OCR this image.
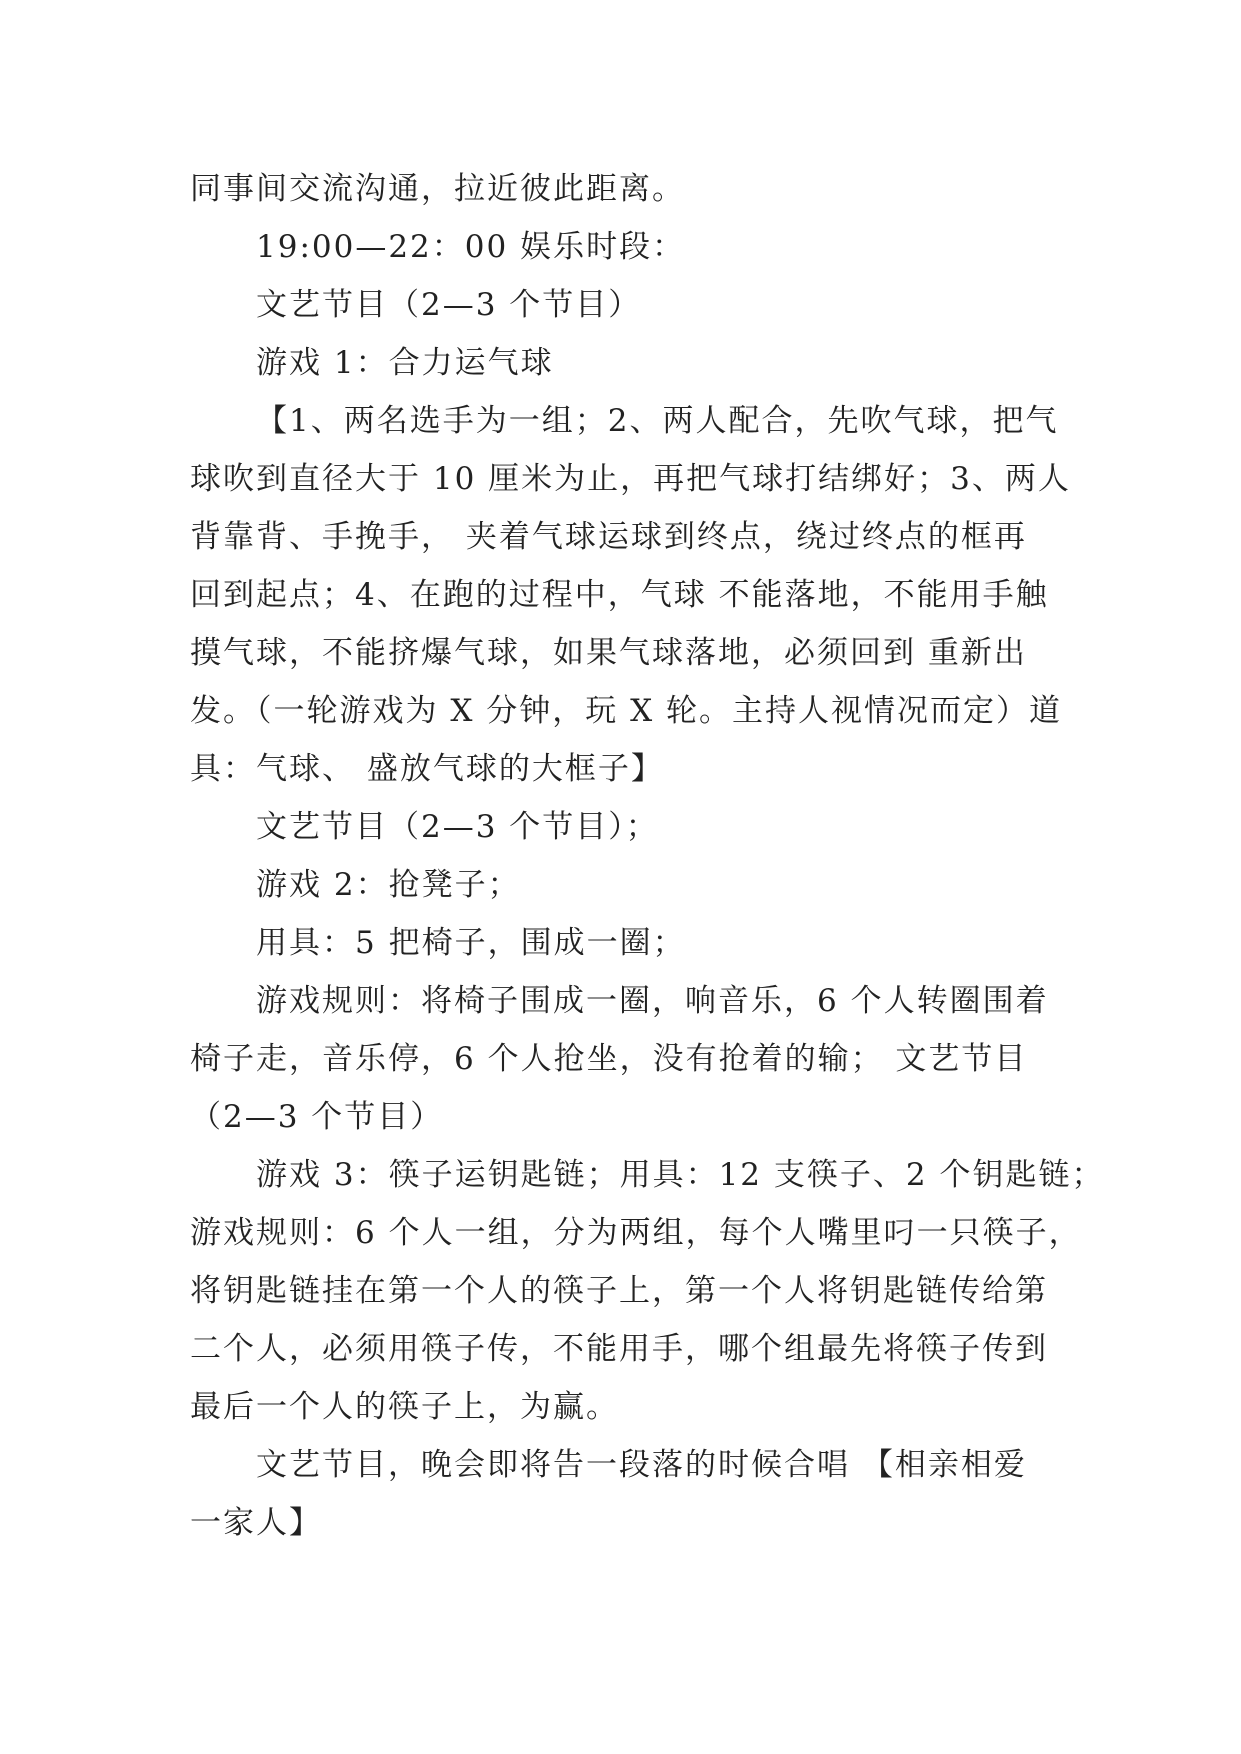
同事间交流沟通，拉近彼此距离。

19:00—22：00 娱乐时段：

文艺节目（2—3 个节目）

游戏 1：合力运气球

【1、两名选手为一组；2、两人配合，先吹气球，把气

球吹到直径大于 10 厘米为止，再把气球打结绑好；3、两人

背靠背、手挽手， 夹着气球运球到终点，绕过终点的框再

回到起点；4、在跑的过程中，气球 不能落地，不能用手触

摸气球，不能挤爆气球，如果气球落地，必须回到 重新出

发。（一轮游戏为 X 分钟，玩 X 轮。主持人视情况而定）道

具：气球、 盛放气球的大框子】

文艺节目（2—3 个节目）；

游戏 2：抢凳子；

用具：5 把椅子，围成一圈；

游戏规则：将椅子围成一圈，响音乐，6 个人转圈围着

椅子走，音乐停，6 个人抢坐，没有抢着的输； 文艺节目

（2—3 个节目）

游戏 3：筷子运钥匙链；用具：12 支筷子、2 个钥匙链；

游戏规则：6 个人一组，分为两组，每个人嘴里叼一只筷子，

将钥匙链挂在第一个人的筷子上，第一个人将钥匙链传给第

二个人，必须用筷子传，不能用手，哪个组最先将筷子传到

最后一个人的筷子上，为赢。

文艺节目，晚会即将告一段落的时候合唱 【相亲相爱

一家人】
